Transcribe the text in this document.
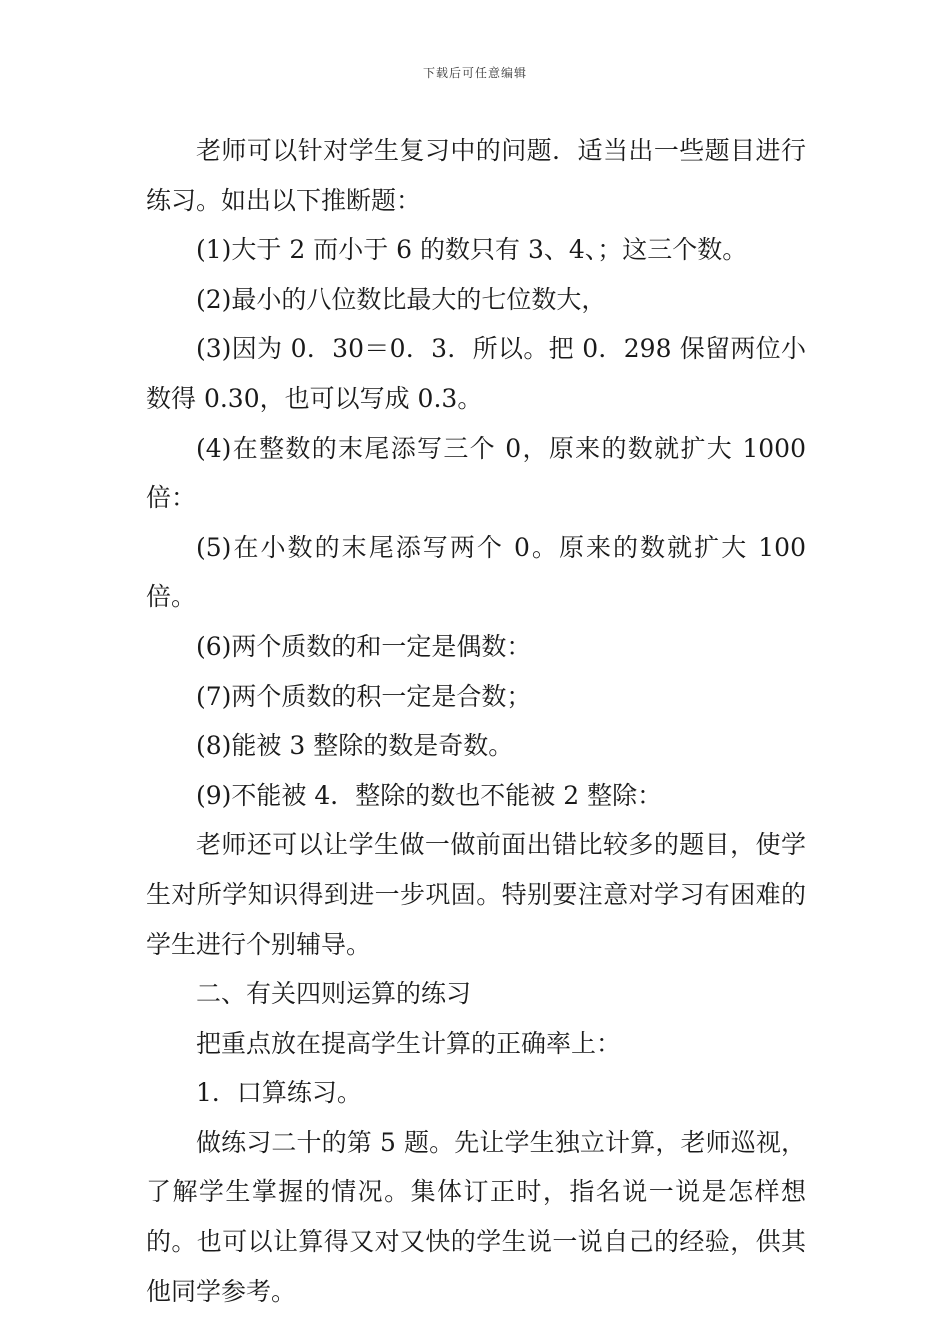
下载后可任意编辑

老师可以针对学生复习中的问题．适当出一些题目进行练习。如出以下推断题：

(1)大于 2 而小于 6 的数只有 3、4、；这三个数。

(2)最小的八位数比最大的七位数大，

(3)因为 0．30＝0．3．所以。把 0．298 保留两位小数得 0.30，也可以写成 0.3。

(4)在整数的末尾添写三个 0，原来的数就扩大 1000 倍：

(5)在小数的末尾添写两个 0。原来的数就扩大 100 倍。

(6)两个质数的和一定是偶数：

(7)两个质数的积一定是合数；

(8)能被 3 整除的数是奇数。

(9)不能被 4．整除的数也不能被 2 整除：

老师还可以让学生做一做前面出错比较多的题目，使学生对所学知识得到进一步巩固。特别要注意对学习有困难的学生进行个别辅导。

二、有关四则运算的练习

把重点放在提高学生计算的正确率上：

1．口算练习。

做练习二十的第 5 题。先让学生独立计算，老师巡视，了解学生掌握的情况。集体订正时，指名说一说是怎样想的。也可以让算得又对又快的学生说一说自己的经验，供其他同学参考。
